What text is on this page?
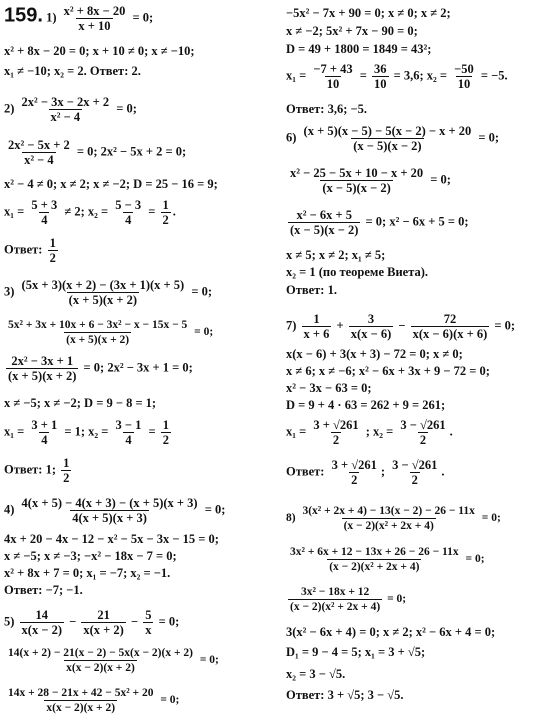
159. $1) \frac{\text{x² + 8x − 20}}{x + 10} = 0$;
x² + 8x − 20 = 0; x + 10 ≠ 0; x ≠ −10;
x₁ ≠ −10; x₂ = 2. Ответ: 2.
$2) \frac{\text{2x² − 3x − 2x + 2}}{\text{x² − 4}} = 0$;
$\frac{\text{2x² − 5x + 2}}{\text{x² − 4}} = 0$; 2x² − 5x + 2 = 0;
x² − 4 ≠ 0; x ≠ 2; x ≠ −2; D = 25 − 16 = 9;
$x_1 = \frac{5 + 3}{4} \ne 2$; $x_2 = \frac{5 - 3}{4} = \frac{1}{2}$ .
Ответ: $\frac{1}{2}$
$3) \frac{(5x + 3)(x + 2) - (3x + 1)(x + 5)}{(x + 5)(x + 2)} = 0$;
$\frac{\text{5x² + 3x + 10x + 6 − 3x² − x − 15x − 5}}{(x + 5)(x + 2)} = 0$;
$\frac{\text{2x² − 3x + 1}}{(x + 5)(x + 2)} = 0$; 2x² − 3x + 1 = 0;
x ≠ −5; x ≠ −2; D = 9 − 8 = 1;
$x_1 = \frac{3 + 1}{4} = 1$; $x_2 = \frac{3 - 1}{4} = \frac{1}{2}$
Ответ: 1; $\frac{1}{2}$
$4) \frac{4(x + 5) - 4(x + 3) - (x + 5)(x + 3)}{4(x + 5)(x + 3)} = 0$;
4x + 20 − 4x − 12 − x² − 5x − 3x − 15 = 0;
x ≠ −5; x ≠ −3; −x² − 18x − 7 = 0;
x² + 8x + 7 = 0; x₁ = −7; x₂ = −1.
Ответ: −7; −1.
$5) \frac{14}{x(x - 2)} - \frac{21}{x(x + 2)} - \frac{5}{x} = 0$;
$\frac{14(x + 2) - 21(x - 2) - 5x(x - 2)(x + 2)}{x(x - 2)(x + 2)} = 0$;
$\frac{\text{14x + 28 − 21x + 42 − 5x² + 20}}{x(x - 2)(x + 2)} = 0$;
−5x² − 7x + 90 = 0; x ≠ 0; x ≠ 2;
x ≠ −2; 5x² + 7x − 90 = 0;
D = 49 + 1800 = 1849 = 43²;
$x_1 = \frac{-7 + 43}{10} = \frac{36}{10} = 3,6$; $x_2 = \frac{-50}{10} = -5$.
Ответ: 3,6; −5.
$6) \frac{(x + 5)(x - 5) - 5(x - 2) - x + 20}{(x - 5)(x - 2)} = 0$;
$\frac{\text{x² − 25 − 5x + 10 − x + 20}}{(x - 5)(x - 2)} = 0$;
$\frac{\text{x² − 6x + 5}}{(x - 5)(x - 2)} = 0$; x² − 6x + 5 = 0;
x ≠ 5; x ≠ 2; x₁ ≠ 5;
x₂ = 1 (по теореме Виета).
Ответ: 1.
$7) \frac{1}{x + 6} + \frac{3}{x(x - 6)} - \frac{72}{x(x - 6)(x + 6)} = 0$;
x(x − 6) + 3(x + 3) − 72 = 0; x ≠ 0;
x ≠ 6; x ≠ −6; x² − 6x + 3x + 9 − 72 = 0;
x² − 3x − 63 = 0;
D = 9 + 4 · 63 = 262 + 9 = 261;
$x_1 = \frac{3 + √261}{2}$ ; $x_2 = \frac{3 - √261}{2}$ .
Ответ: $\frac{3 + √261}{2}$ ; $\frac{3 - √261}{2}$ .
$8) \frac{\text{3(x² + 2x + 4) − 13(x − 2) − 26 − 11x}}{\text{(x − 2)(x² + 2x + 4)}} = 0$;
$\frac{\text{3x² + 6x + 12 − 13x + 26 − 26 − 11x}}{\text{(x − 2)(x² + 2x + 4)}} = 0$;
$\frac{\text{3x² − 18x + 12}}{\text{(x − 2)(x² + 2x + 4)}} = 0$;
3(x² − 6x + 4) = 0; x ≠ 2; x² − 6x + 4 = 0;
D₁ = 9 − 4 = 5; x₁ = 3 + √5;
x₂ = 3 − √5.
Ответ: 3 + √5; 3 − √5.
